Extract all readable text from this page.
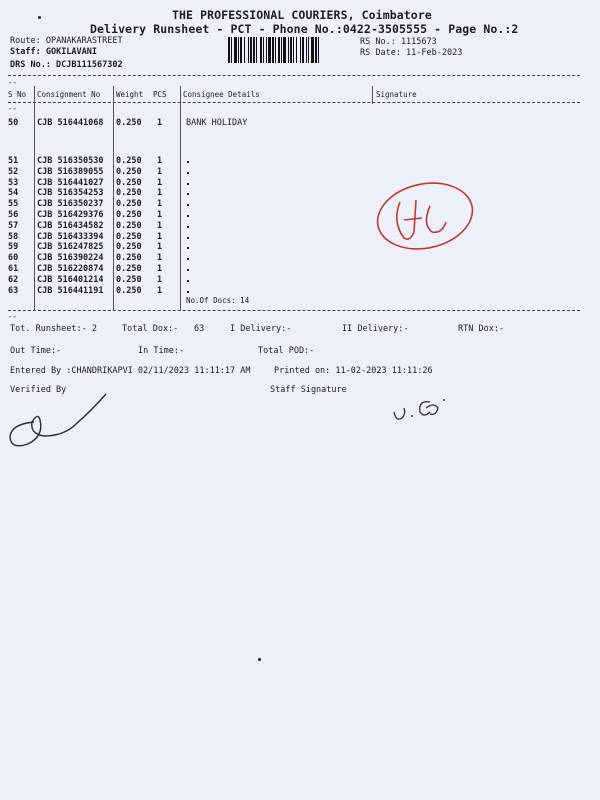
THE PROFESSIONAL COURIERS, Coimbatore
Delivery Runsheet - PCT - Phone No.:0422-3505555 - Page No.:2
Route: OPANAKARASTREET
Staff: GOKILAVANI
DRS No.: DCJB111567302
RS No.: 1115673
RS Date: 11-Feb-2023
--
S No Consignment No Weight PCS Consignee Details	Signature
--
50 CJB 516441068 0.250 1	BANK HOLIDAY
51 CJB 516350530 0.250 1
52 CJB 516389055 0.250 1
53 CJB 516441027 0.250 1
54 CJB 516354253 0.250 1
55 CJB 516350237 0.250 1
56 CJB 516429376 0.250 1
57 CJB 516434582 0.250 1
58 CJB 516433394 0.250 1
59 CJB 516247825 0.250 1
60 CJB 516390224 0.250 1
61 CJB 516220874 0.250 1
62 CJB 516401214 0.250 1
63 CJB 516441191 0.250 1
No.Of Docs: 14
--
Tot. Runsheet:- 2	Total Dox:- 63	I Delivery:-	II Delivery:-	RTN Dox:-
Out Time:-	In Time:-	Total POD:-
Entered By :CHANDRIKAPVI 02/11/2023 11:11:17 AM	Printed on: 11-02-2023 11:11:26
Verified By	Staff Signature
